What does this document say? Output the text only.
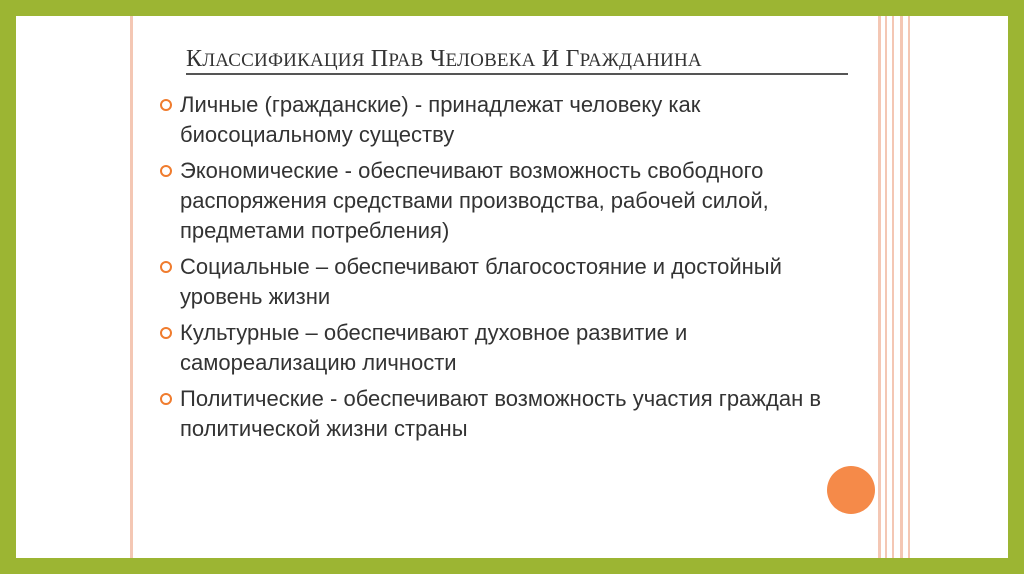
КЛАССИФИКАЦИЯ ПРАВ ЧЕЛОВЕКА И ГРАЖДАНИНА
Личные (гражданские) - принадлежат человеку как биосоциальному существу
Экономические - обеспечивают возможность свободного распоряжения средствами производства, рабочей силой, предметами потребления)
Социальные – обеспечивают благосостояние и достойный уровень жизни
Культурные – обеспечивают духовное развитие и самореализацию личности
Политические - обеспечивают возможность участия граждан в политической жизни страны
